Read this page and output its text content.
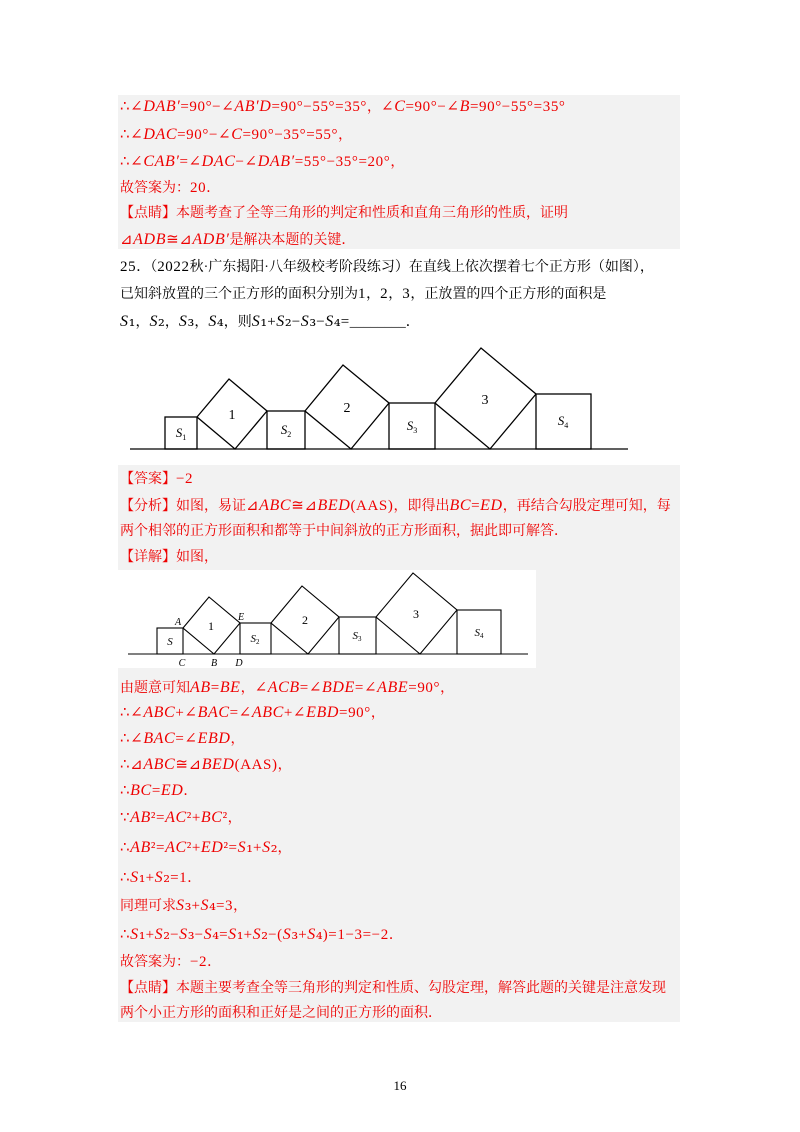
∴∠DAB′=90°−∠AB′D=90°−55°=35°，∠C=90°−∠B=90°−55°=35°
∴∠DAC=90°−∠C=90°−35°=55°，
∴∠CAB′=∠DAC−∠DAB′=55°−35°=20°，
故答案为：20．
【点睛】本题考查了全等三角形的判定和性质和直角三角形的性质，证明
⊿ADB≅⊿ADB′是解决本题的关键．
25．（2022秋·广东揭阳·八年级校考阶段练习）在直线上依次摆着七个正方形（如图），
已知斜放置的三个正方形的面积分别为1，2，3，正放置的四个正方形的面积是
S₁，S₂，S₃，S₄，则S₁+S₂−S₃−S₄=________．
1	2
3
$S_1$
$S_2$
$S_3$
$S_4$
【答案】−2
【分析】如图，易证⊿ABC≅⊿BED(AAS)，即得出BC=ED，再结合勾股定理可知，每
两个相邻的正方形面积和都等于中间斜放的正方形面积，据此即可解答．
【详解】如图，
1	2	3
S	S2	S3	S4
A	E
C	B D
由题意可知AB=BE，∠ACB=∠BDE=∠ABE=90°，
∴∠ABC+∠BAC=∠ABC+∠EBD=90°，
∴∠BAC=∠EBD，
∴⊿ABC≅⊿BED(AAS)，
∴BC=ED．
∵AB²=AC²+BC²，
∴AB²=AC²+ED²=S₁+S₂，
∴S₁+S₂=1．
同理可求S₃+S₄=3，
∴S₁+S₂−S₃−S₄=S₁+S₂−(S₃+S₄)=1−3=−2．
故答案为：−2．
【点睛】本题主要考查全等三角形的判定和性质、勾股定理，解答此题的关键是注意发现
两个小正方形的面积和正好是之间的正方形的面积．
16
